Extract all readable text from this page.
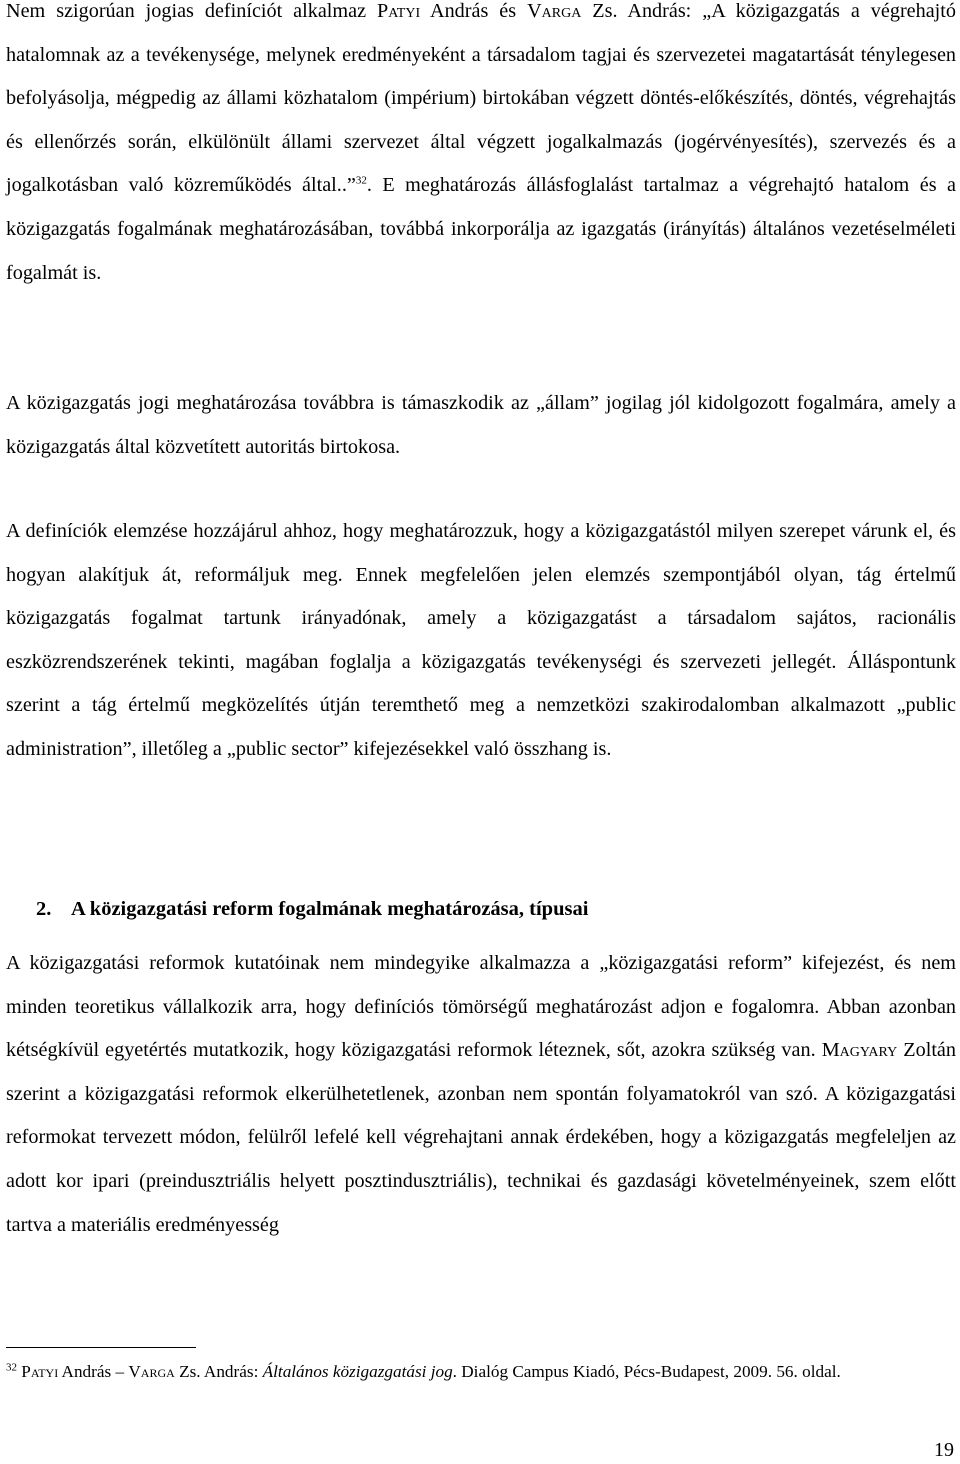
Nem szigorúan jogias definíciót alkalmaz Patyi András és Varga Zs. András: „A közigazgatás a végrehajtó hatalomnak az a tevékenysége, melynek eredményeként a társadalom tagjai és szervezetei magatartását ténylegesen befolyásolja, mégpedig az állami közhatalom (impérium) birtokában végzett döntés-előkészítés, döntés, végrehajtás és ellenőrzés során, elkülönült állami szervezet által végzett jogalkalmazás (jogérvényesítés), szervezés és a jogalkotásban való közreműködés által..”$^{32}$. E meghatározás állásfoglalást tartalmaz a végrehajtó hatalom és a közigazgatás fogalmának meghatározásában, továbbá inkorporálja az igazgatás (irányítás) általános vezetéselméleti fogalmát is.

A közigazgatás jogi meghatározása továbbra is támaszkodik az „állam” jogilag jól kidolgozott fogalmára, amely a közigazgatás által közvetített autoritás birtokosa.

A definíciók elemzése hozzájárul ahhoz, hogy meghatározzuk, hogy a közigazgatástól milyen szerepet várunk el, és hogyan alakítjuk át, reformáljuk meg. Ennek megfelelően jelen elemzés szempontjából olyan, tág értelmű közigazgatás fogalmat tartunk irányadónak, amely a közigazgatást a társadalom sajátos, racionális eszközrendszerének tekinti, magában foglalja a közigazgatás tevékenységi és szervezeti jellegét. Álláspontunk szerint a tág értelmű megközelítés útján teremthető meg a nemzetközi szakirodalomban alkalmazott „public administration”, illetőleg a „public sector” kifejezésekkel való összhang is.

2. A közigazgatási reform fogalmának meghatározása, típusai

A közigazgatási reformok kutatóinak nem mindegyike alkalmazza a „közigazgatási reform” kifejezést, és nem minden teoretikus vállalkozik arra, hogy definíciós tömörségű meghatározást adjon e fogalomra. Abban azonban kétségkívül egyetértés mutatkozik, hogy közigazgatási reformok léteznek, sőt, azokra szükség van. Magyary Zoltán szerint a közigazgatási reformok elkerülhetetlenek, azonban nem spontán folyamatokról van szó. A közigazgatási reformokat tervezett módon, felülről lefelé kell végrehajtani annak érdekében, hogy a közigazgatás megfeleljen az adott kor ipari (preindusztriális helyett posztindusztriális), technikai és gazdasági követelményeinek, szem előtt tartva a materiális eredményesség

$^{32}$ Patyi András – Varga Zs. András: Általános közigazgatási jog. Dialóg Campus Kiadó, Pécs-Budapest, 2009. 56. oldal.

19
